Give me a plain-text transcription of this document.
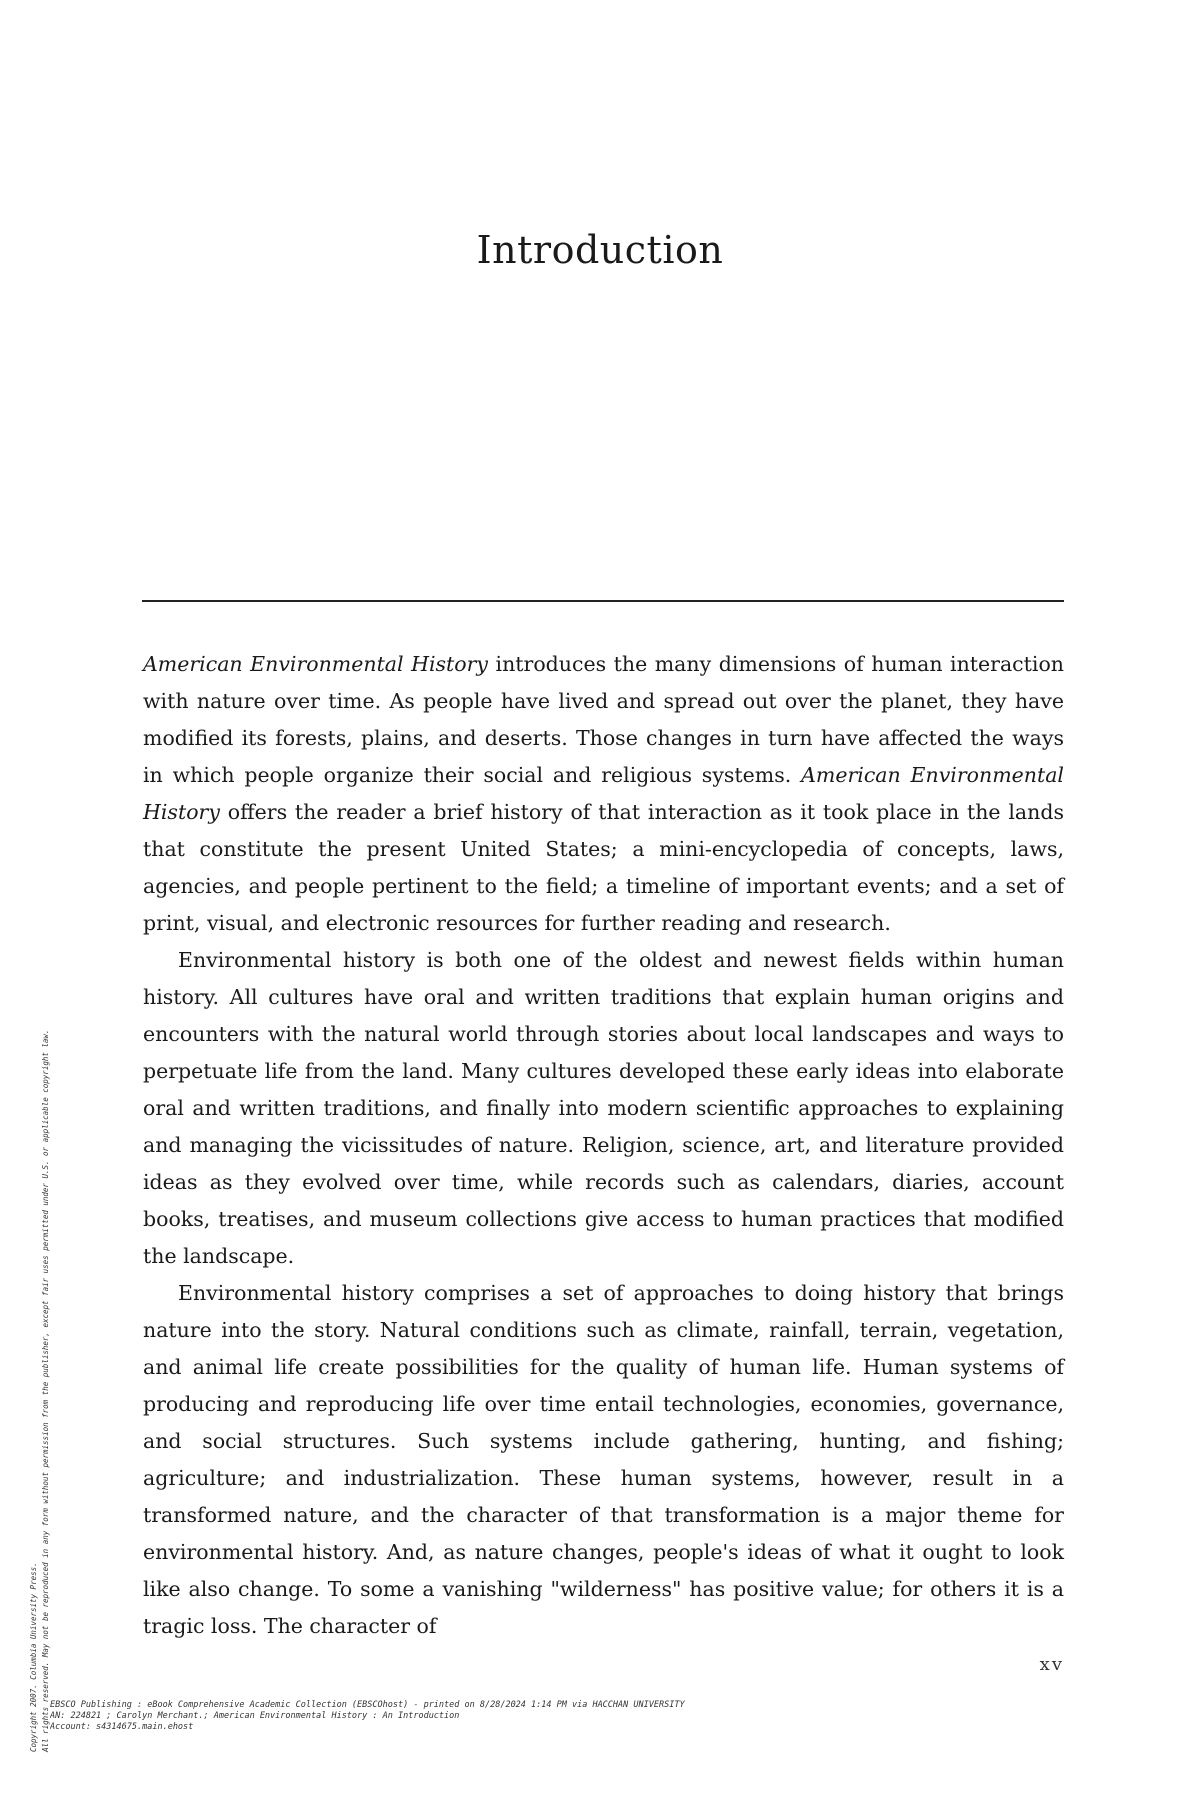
Introduction

American Environmental History introduces the many dimensions of human interaction with nature over time. As people have lived and spread out over the planet, they have modified its forests, plains, and deserts. Those changes in turn have affected the ways in which people organize their social and religious systems. American Environmental History offers the reader a brief history of that interaction as it took place in the lands that constitute the present United States; a mini-encyclopedia of concepts, laws, agencies, and people pertinent to the field; a timeline of important events; and a set of print, visual, and electronic resources for further reading and research.

Environmental history is both one of the oldest and newest fields within human history. All cultures have oral and written traditions that explain human origins and encounters with the natural world through stories about local landscapes and ways to perpetuate life from the land. Many cultures developed these early ideas into elaborate oral and written traditions, and finally into modern scientific approaches to explaining and managing the vicissitudes of nature. Religion, science, art, and literature provided ideas as they evolved over time, while records such as calendars, diaries, account books, treatises, and museum collections give access to human practices that modified the landscape.

Environmental history comprises a set of approaches to doing history that brings nature into the story. Natural conditions such as climate, rainfall, terrain, vegetation, and animal life create possibilities for the quality of human life. Human systems of producing and reproducing life over time entail technologies, economies, governance, and social structures. Such systems include gathering, hunting, and fishing; agriculture; and industrialization. These human systems, however, result in a transformed nature, and the character of that transformation is a major theme for environmental history. And, as nature changes, people's ideas of what it ought to look like also change. To some a vanishing "wilderness" has positive value; for others it is a tragic loss. The character of

xv
EBSCO Publishing : eBook Comprehensive Academic Collection (EBSCOhost) - printed on 8/28/2024 1:14 PM via HACCHAN UNIVERSITY
AN: 224821 ; Carolyn Merchant.; American Environmental History : An Introduction
Account: s4314675.main.ehost
Copyright 2007. Columbia University Press. All rights reserved. May not be reproduced in any form without permission from the publisher, except fair uses permitted under U.S. or applicable copyright law.
